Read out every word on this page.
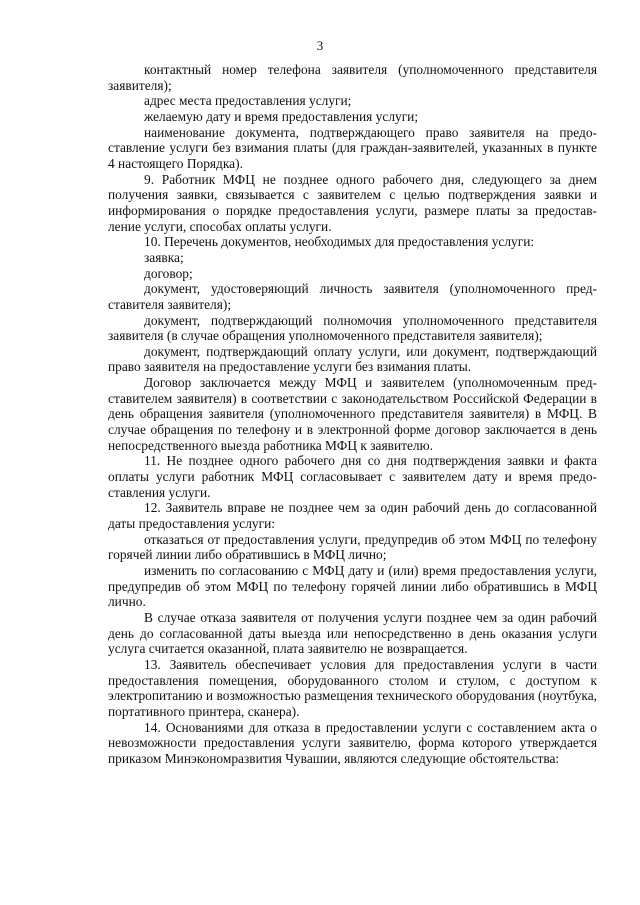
3

контактный номер телефона заявителя (уполномоченного представителя заявителя);

адрес места предоставления услуги;

желаемую дату и время предоставления услуги;

наименование документа, подтверждающего право заявителя на предоставление услуги без взимания платы (для граждан-заявителей, указанных в пункте 4 настоящего Порядка).

9. Работник МФЦ не позднее одного рабочего дня, следующего за днем получения заявки, связывается с заявителем с целью подтверждения заявки и информирования о порядке предоставления услуги, размере платы за предоставление услуги, способах оплаты услуги.

10. Перечень документов, необходимых для предоставления услуги:

заявка;

договор;

документ, удостоверяющий личность заявителя (уполномоченного представителя заявителя);

документ, подтверждающий полномочия уполномоченного представителя заявителя (в случае обращения уполномоченного представителя заявителя);

документ, подтверждающий оплату услуги, или документ, подтверждающий право заявителя на предоставление услуги без взимания платы.

Договор заключается между МФЦ и заявителем (уполномоченным представителем заявителя) в соответствии с законодательством Российской Федерации в день обращения заявителя (уполномоченного представителя заявителя) в МФЦ. В случае обращения по телефону и в электронной форме договор заключается в день непосредственного выезда работника МФЦ к заявителю.

11. Не позднее одного рабочего дня со дня подтверждения заявки и факта оплаты услуги работник МФЦ согласовывает с заявителем дату и время предоставления услуги.

12. Заявитель вправе не позднее чем за один рабочий день до согласованной даты предоставления услуги:

отказаться от предоставления услуги, предупредив об этом МФЦ по телефону горячей линии либо обратившись в МФЦ лично;

изменить по согласованию с МФЦ дату и (или) время предоставления услуги, предупредив об этом МФЦ по телефону горячей линии либо обратившись в МФЦ лично.

В случае отказа заявителя от получения услуги позднее чем за один рабочий день до согласованной даты выезда или непосредственно в день оказания услуги услуга считается оказанной, плата заявителю не возвращается.

13. Заявитель обеспечивает условия для предоставления услуги в части предоставления помещения, оборудованного столом и стулом, с доступом к электропитанию и возможностью размещения технического оборудования (ноутбука, портативного принтера, сканера).

14. Основаниями для отказа в предоставлении услуги с составлением акта о невозможности предоставления услуги заявителю, форма которого утверждается приказом Минэкономразвития Чувашии, являются следующие обстоятельства:
